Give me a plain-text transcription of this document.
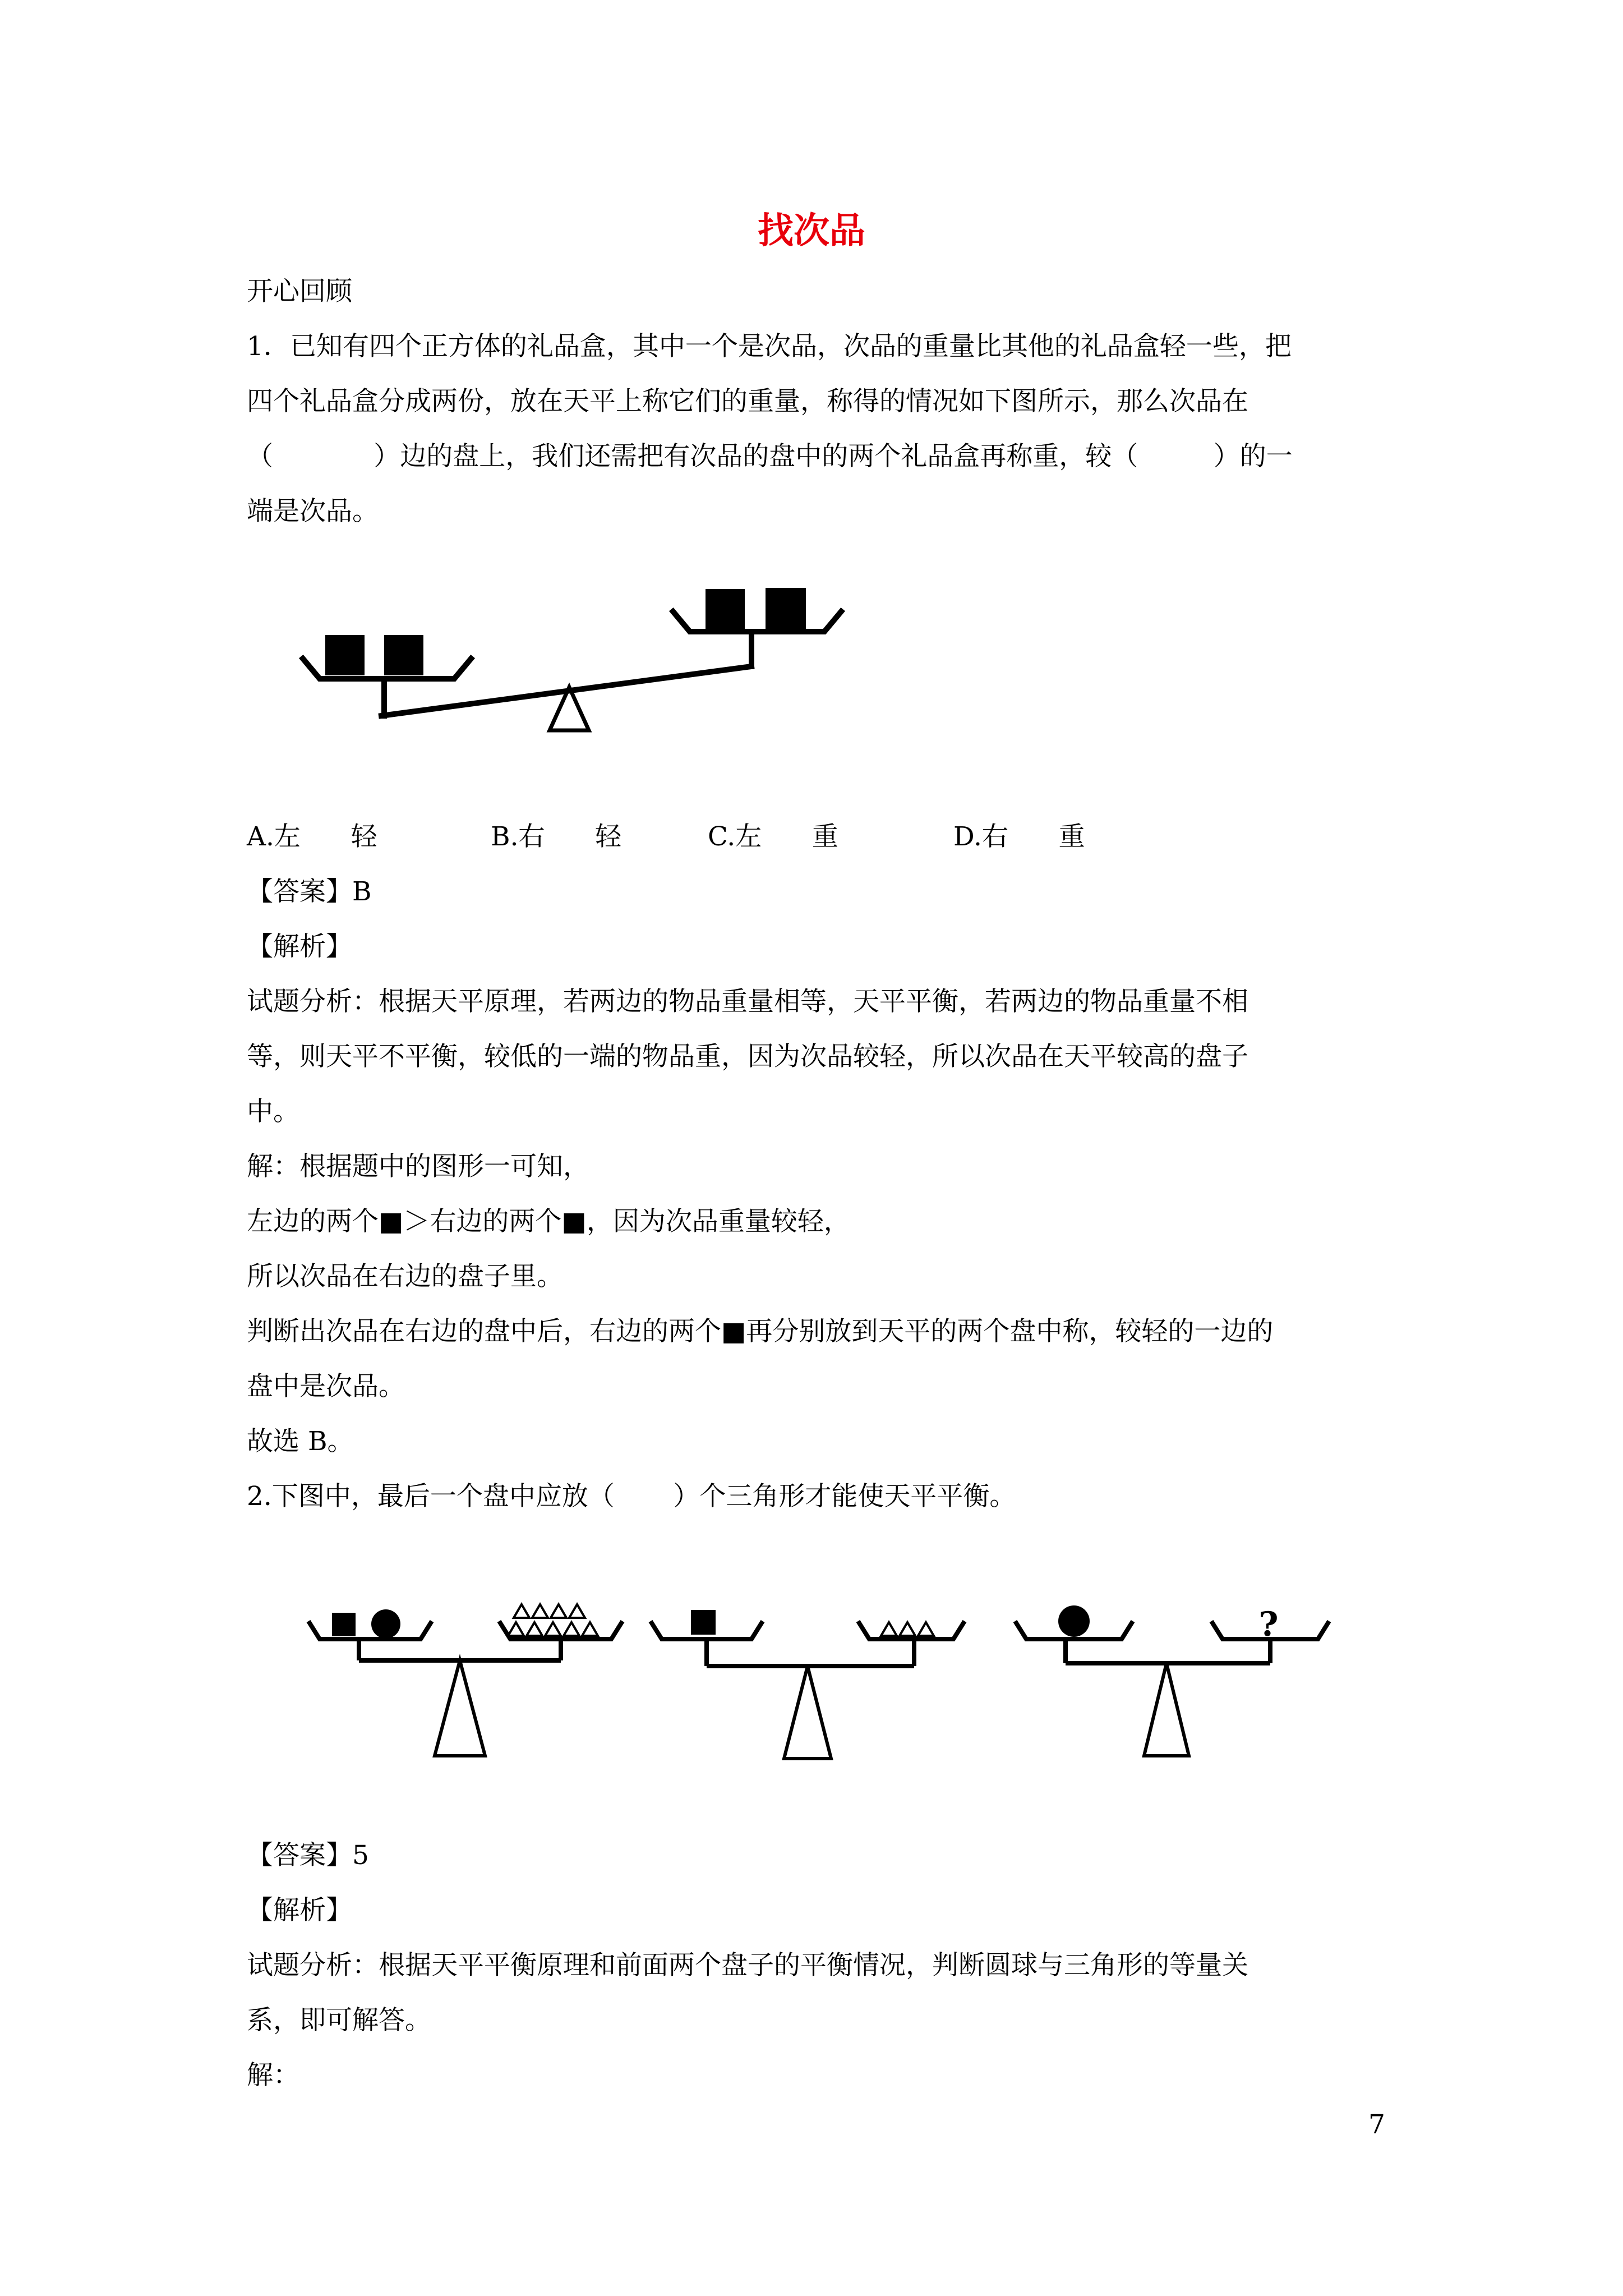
找次品
开心回顾
1．已知有四个正方体的礼品盒，其中一个是次品，次品的重量比其他的礼品盒轻一些，把
四个礼品盒分成两份，放在天平上称它们的重量，称得的情况如下图所示，那么次品在
（            ）边的盘上，我们还需把有次品的盘中的两个礼品盒再称重，较（         ）的一
端是次品。
A.左      轻	B.右      轻	C.左      重	D.右      重
【答案】B
【解析】
试题分析：根据天平原理，若两边的物品重量相等，天平平衡，若两边的物品重量不相
等，则天平不平衡，较低的一端的物品重，因为次品较轻，所以次品在天平较高的盘子
中。
解：根据题中的图形一可知，
左边的两个■＞右边的两个■，因为次品重量较轻，
所以次品在右边的盘子里。
判断出次品在右边的盘中后，右边的两个■再分别放到天平的两个盘中称，较轻的一边的
盘中是次品。
故选 B。
2.下图中，最后一个盘中应放（       ）个三角形才能使天平平衡。
?
【答案】5
【解析】
试题分析：根据天平平衡原理和前面两个盘子的平衡情况，判断圆球与三角形的等量关
系，即可解答。
解：
7
